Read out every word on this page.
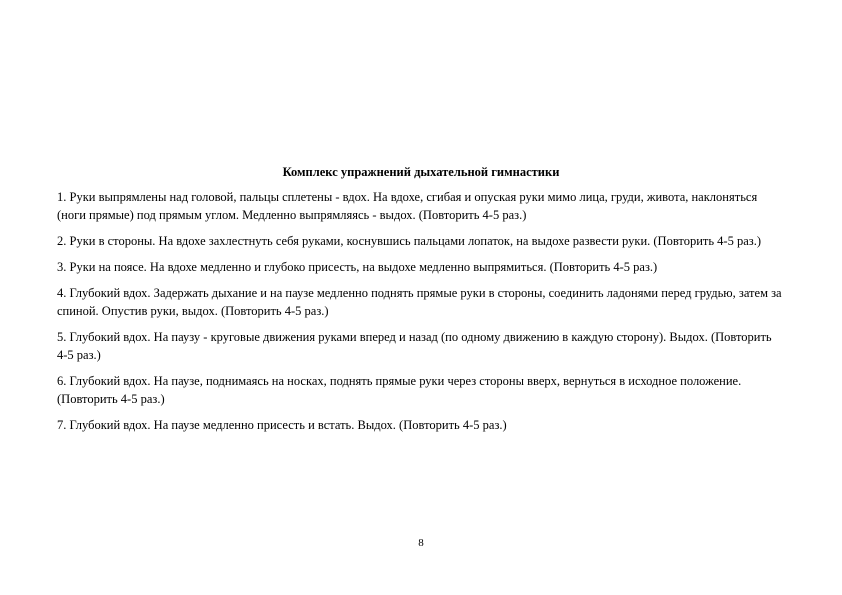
Комплекс упражнений дыхательной гимнастики

1. Руки выпрямлены над головой, пальцы сплетены - вдох. На вдохе, сгибая и опуская руки мимо лица, груди, живота, наклоняться (ноги прямые) под прямым углом. Медленно выпрямляясь - выдох. (Повторить 4-5 раз.)

2. Руки в стороны. На вдохе захлестнуть себя руками, коснувшись пальцами лопаток, на выдохе развести руки. (Повторить 4-5 раз.)

3. Руки на поясе. На вдохе медленно и глубоко присесть, на выдохе медленно выпрямиться. (Повторить 4-5 раз.)

4. Глубокий вдох. Задержать дыхание и на паузе медленно поднять прямые руки в стороны, соединить ладонями перед грудью, затем за спиной. Опустив руки, выдох. (Повторить 4-5 раз.)

5. Глубокий вдох. На паузу - круговые движения руками вперед и назад (по одному движению в каждую сторону). Выдох. (Повторить 4-5 раз.)

6. Глубокий вдох. На паузе, поднимаясь на носках, поднять прямые руки через стороны вверх, вернуться в исходное положение. (Повторить 4-5 раз.)

7. Глубокий вдох. На паузе медленно присесть и встать. Выдох. (Повторить 4-5 раз.)

8
